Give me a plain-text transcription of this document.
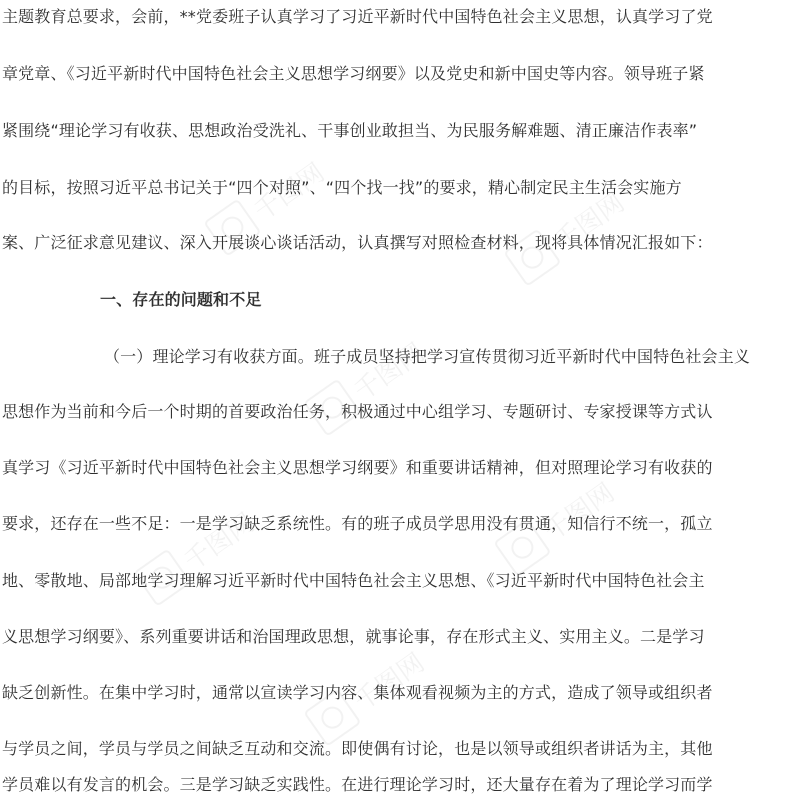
主题教育总要求，会前，**党委班子认真学习了习近平新时代中国特色社会主义思想，认真学习了党
章党章、《习近平新时代中国特色社会主义思想学习纲要》以及党史和新中国史等内容。领导班子紧
紧围绕“理论学习有收获、思想政治受洗礼、干事创业敢担当、为民服务解难题、清正廉洁作表率”
的目标，按照习近平总书记关于“四个对照”、“四个找一找”的要求，精心制定民主生活会实施方
案、广泛征求意见建议、深入开展谈心谈话活动，认真撰写对照检查材料，现将具体情况汇报如下：
一、存在的问题和不足
（一）理论学习有收获方面。班子成员坚持把学习宣传贯彻习近平新时代中国特色社会主义
思想作为当前和今后一个时期的首要政治任务，积极通过中心组学习、专题研讨、专家授课等方式认
真学习《习近平新时代中国特色社会主义思想学习纲要》和重要讲话精神，但对照理论学习有收获的
要求，还存在一些不足：一是学习缺乏系统性。有的班子成员学思用没有贯通，知信行不统一，孤立
地、零散地、局部地学习理解习近平新时代中国特色社会主义思想、《习近平新时代中国特色社会主
义思想学习纲要》、系列重要讲话和治国理政思想，就事论事，存在形式主义、实用主义。二是学习
缺乏创新性。在集中学习时，通常以宣读学习内容、集体观看视频为主的方式，造成了领导或组织者
与学员之间，学员与学员之间缺乏互动和交流。即使偶有讨论，也是以领导或组织者讲话为主，其他
学员难以有发言的机会。三是学习缺乏实践性。在进行理论学习时，还大量存在着为了理论学习而学
千图网	千图网
千图网
千图网	千图网
千图网
